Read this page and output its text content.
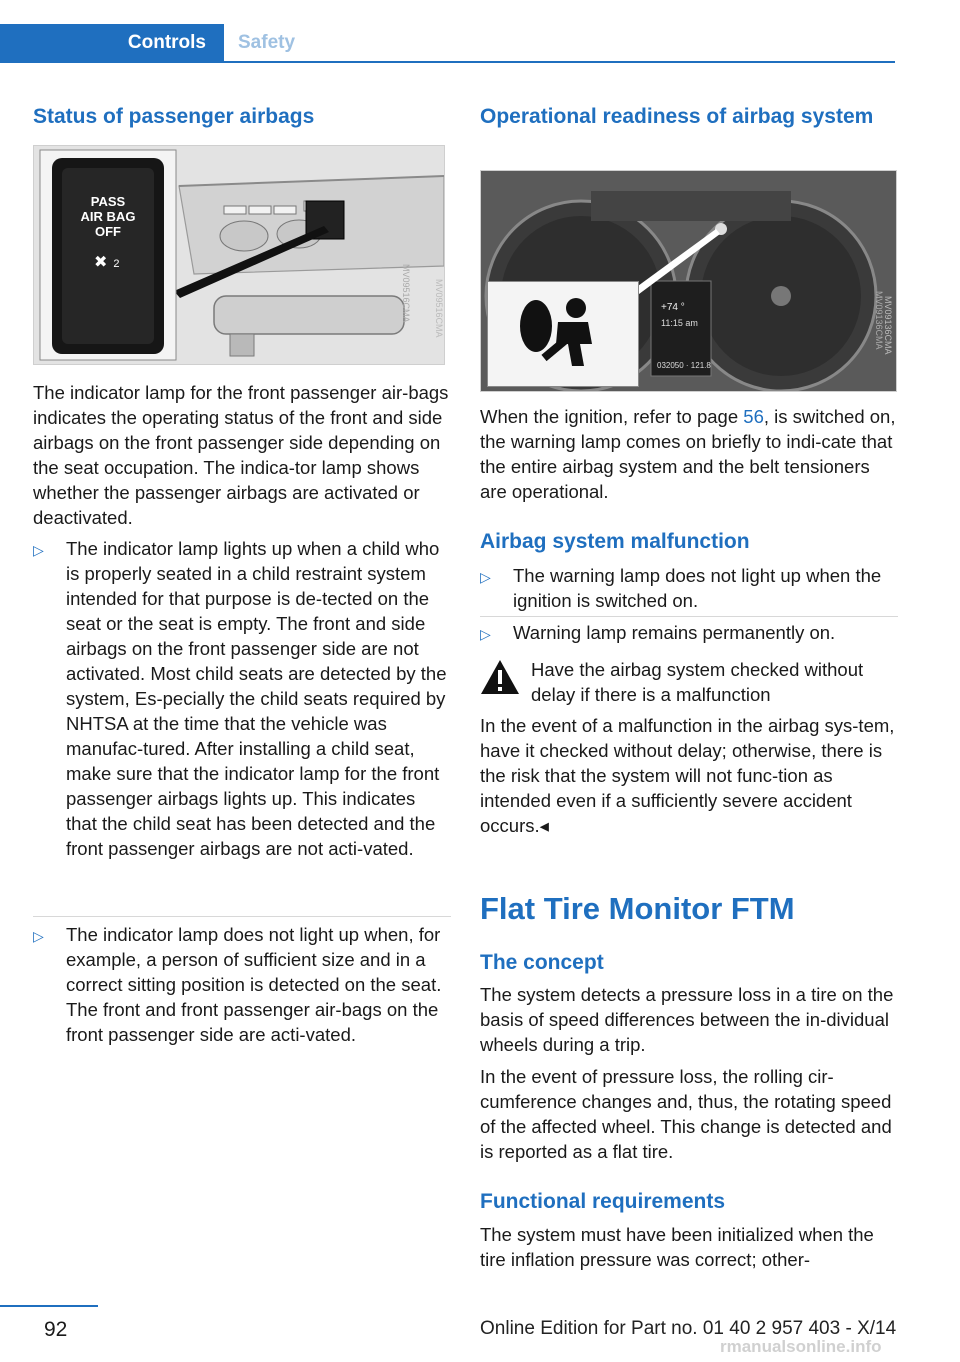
Controls	Safety
Status of passenger airbags
MV09516CMA
PASS
AIR BAG
OFF
✖ 2	MV09516CMA

The indicator lamp for the front passenger air-bags indicates the operating status of the front and side airbags on the front passenger side depending on the seat occupation. The indica-tor lamp shows whether the passenger airbags are activated or deactivated.

▷ The indicator lamp lights up when a child who is properly seated in a child restraint system intended for that purpose is de-tected on the seat or the seat is empty. The front and side airbags on the front passenger side are not activated. Most child seats are detected by the system, Es-pecially the child seats required by NHTSA at the time that the vehicle was manufac-tured. After installing a child seat, make sure that the indicator lamp for the front passenger airbags lights up. This indicates that the child seat has been detected and the front passenger airbags are not acti-vated.
▷ The indicator lamp does not light up when, for example, a person of sufficient size and in a correct sitting position is detected on the seat. The front and front passenger air-bags on the front passenger side are acti-vated.
Operational readiness of airbag system
MV09136CMA
+74 °
11:15 am
032050 · 121.8
MV09136CMA

When the ignition, refer to page 56, is switched on, the warning lamp comes on briefly to indi-cate that the entire airbag system and the belt tensioners are operational.

Airbag system malfunction
▷ The warning lamp does not light up when the ignition is switched on.
▷ Warning lamp remains permanently on.

Have the airbag system checked without delay if there is a malfunction

In the event of a malfunction in the airbag sys-tem, have it checked without delay; otherwise, there is the risk that the system will not func-tion as intended even if a sufficiently severe accident occurs.◂

Flat Tire Monitor FTM
The concept

The system detects a pressure loss in a tire on the basis of speed differences between the in-dividual wheels during a trip.

In the event of pressure loss, the rolling cir-cumference changes and, thus, the rotating speed of the affected wheel. This change is detected and is reported as a flat tire.

Functional requirements

The system must have been initialized when the tire inflation pressure was correct; other-

92	Online Edition for Part no. 01 40 2 957 403 - X/14
rmanualsonline.info
